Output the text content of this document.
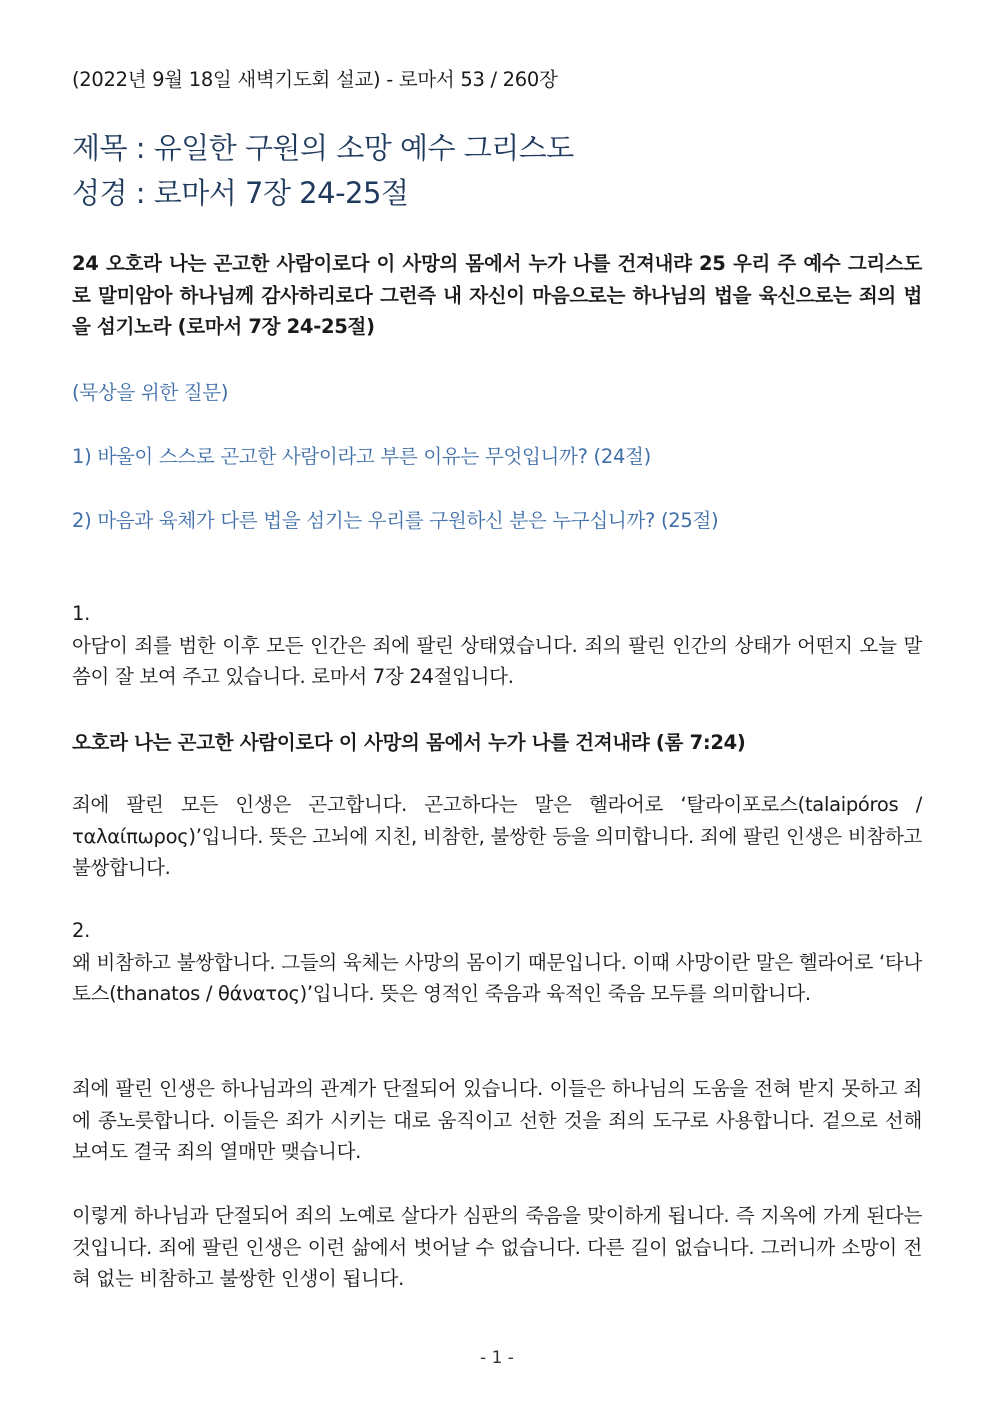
(2022년 9월 18일 새벽기도회 설교) - 로마서 53 / 260장
제목 : 유일한 구원의 소망 예수 그리스도
성경 : 로마서 7장 24-25절
24 오호라 나는 곤고한 사람이로다 이 사망의 몸에서 누가 나를 건져내랴 25 우리 주 예수 그리스도로 말미암아 하나님께 감사하리로다 그런즉 내 자신이 마음으로는 하나님의 법을 육신으로는 죄의 법을 섬기노라 (로마서 7장 24-25절)
(묵상을 위한 질문)
1) 바울이 스스로 곤고한 사람이라고 부른 이유는 무엇입니까? (24절)
2) 마음과 육체가 다른 법을 섬기는 우리를 구원하신 분은 누구십니까? (25절)
1.
아담이 죄를 범한 이후 모든 인간은 죄에 팔린 상태였습니다. 죄의 팔린 인간의 상태가 어떤지 오늘 말씀이 잘 보여 주고 있습니다. 로마서 7장 24절입니다.
오호라 나는 곤고한 사람이로다 이 사망의 몸에서 누가 나를 건져내랴 (롬 7:24)
죄에 팔린 모든 인생은 곤고합니다. 곤고하다는 말은 헬라어로 ‘탈라이포로스(talaipóros / ταλαίπωρος)’입니다. 뜻은 고뇌에 지친, 비참한, 불쌍한 등을 의미합니다. 죄에 팔린 인생은 비참하고 불쌍합니다.
2.
왜 비참하고 불쌍합니다. 그들의 육체는 사망의 몸이기 때문입니다. 이때 사망이란 말은 헬라어로 ‘타나토스(thanatos / θάνατος)’입니다. 뜻은 영적인 죽음과 육적인 죽음 모두를 의미합니다.
죄에 팔린 인생은 하나님과의 관계가 단절되어 있습니다. 이들은 하나님의 도움을 전혀 받지 못하고 죄에 종노릇합니다. 이들은 죄가 시키는 대로 움직이고 선한 것을 죄의 도구로 사용합니다. 겉으로 선해 보여도 결국 죄의 열매만 맺습니다.
이렇게 하나님과 단절되어 죄의 노예로 살다가 심판의 죽음을 맞이하게 됩니다. 즉 지옥에 가게 된다는 것입니다. 죄에 팔린 인생은 이런 삶에서 벗어날 수 없습니다. 다른 길이 없습니다. 그러니까 소망이 전혀 없는 비참하고 불쌍한 인생이 됩니다.
- 1 -
